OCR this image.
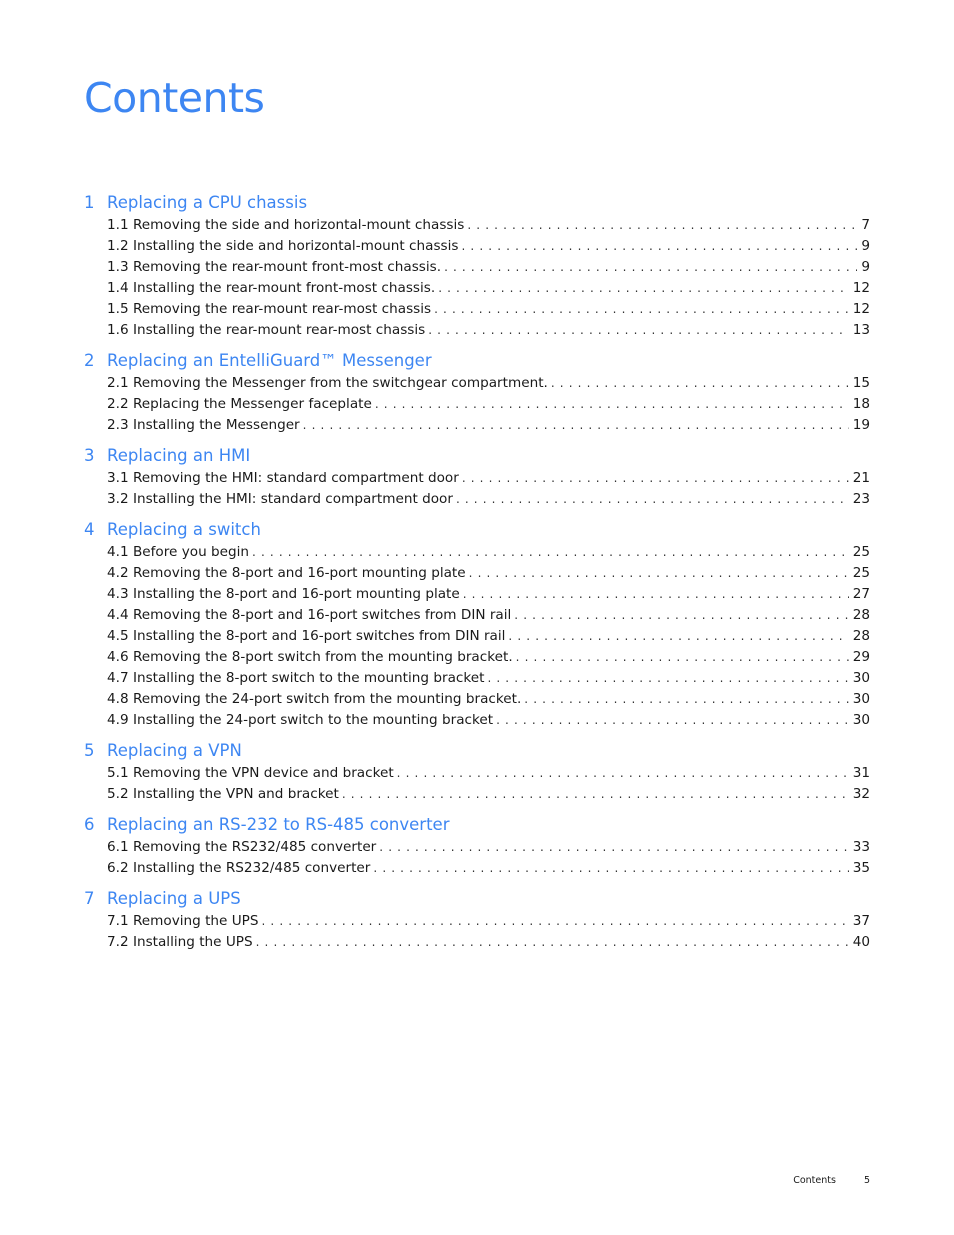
Contents
1 Replacing a CPU chassis
1.1 Removing the side and horizontal-mount chassis . . .	7
1.2 Installing the side and horizontal-mount chassis . . .	9
1.3 Removing the rear-mount front-most chassis. . . .	9
1.4 Installing the rear-mount front-most chassis. . . .	12
1.5 Removing the rear-mount rear-most chassis . . .	12
1.6 Installing the rear-mount rear-most chassis . . .	13
2 Replacing an EntelliGuard™ Messenger
2.1 Removing the Messenger from the switchgear compartment. . . .	15
2.2 Replacing the Messenger faceplate . . .	18
2.3 Installing the Messenger . . .	19
3 Replacing an HMI
3.1 Removing the HMI: standard compartment door . . .	21
3.2 Installing the HMI: standard compartment door . . .	23
4 Replacing a switch
4.1 Before you begin . . .	25
4.2 Removing the 8-port and 16-port mounting plate . . .	25
4.3 Installing the 8-port and 16-port mounting plate . . .	27
4.4 Removing the 8-port and 16-port switches from DIN rail . . .	28
4.5 Installing the 8-port and 16-port switches from DIN rail . . .	28
4.6 Removing the 8-port switch from the mounting bracket. . . .	29
4.7 Installing the 8-port switch to the mounting bracket . . .	30
4.8 Removing the 24-port switch from the mounting bracket. . . .	30
4.9 Installing the 24-port switch to the mounting bracket . . .	30
5 Replacing a VPN
5.1 Removing the VPN device and bracket . . .	31
5.2 Installing the VPN and bracket . . .	32
6 Replacing an RS-232 to RS-485 converter
6.1 Removing the RS232/485 converter . . .	33
6.2 Installing the RS232/485 converter . . .	35
7 Replacing a UPS
7.1 Removing the UPS . . .	37
7.2 Installing the UPS . . .	40
Contents	5
